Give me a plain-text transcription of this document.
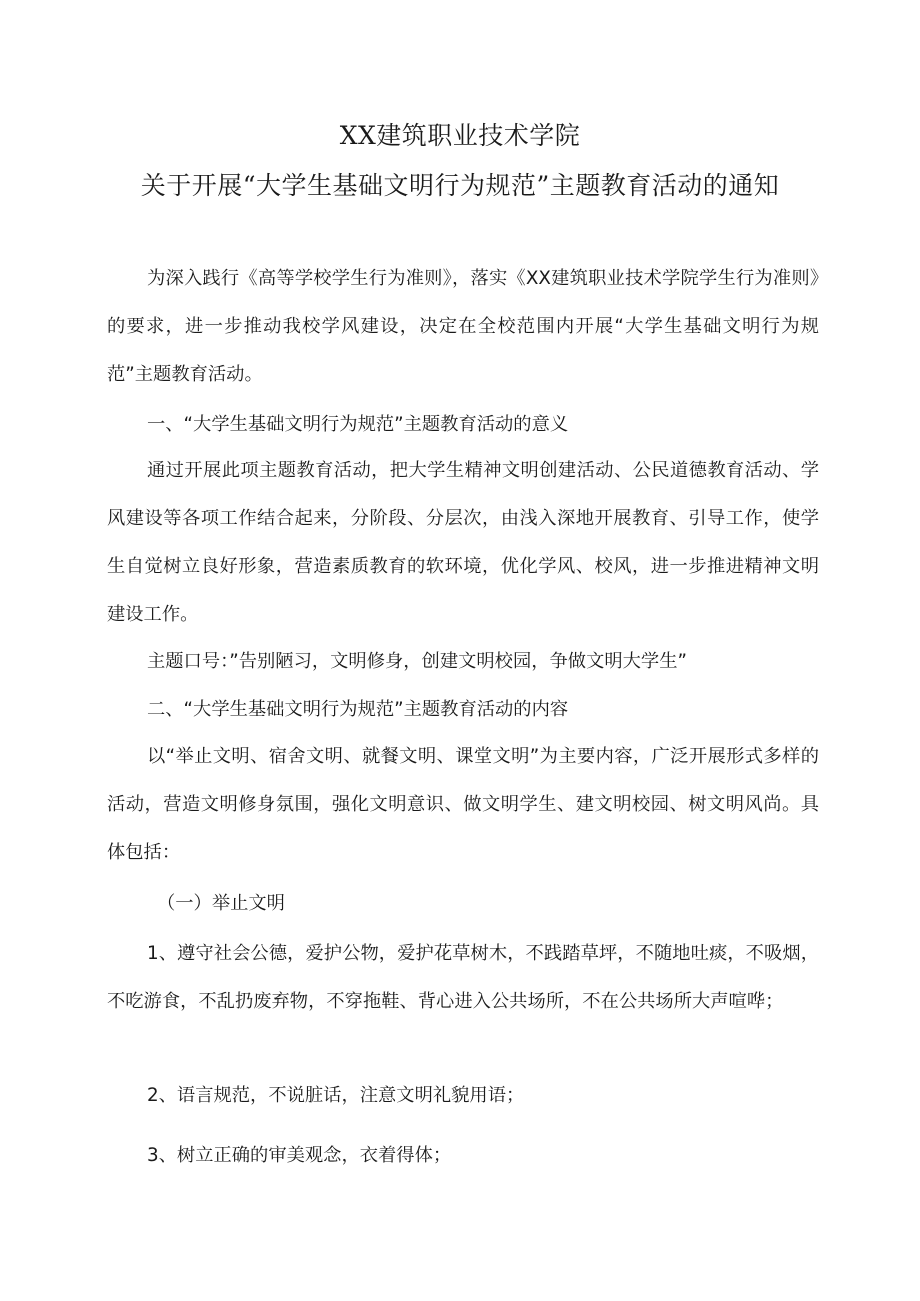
XX建筑职业技术学院
关于开展“大学生基础文明行为规范”主题教育活动的通知
为深入践行《高等学校学生行为准则》，落实《XX建筑职业技术学院学生行为准则》的要求，进一步推动我校学风建设，决定在全校范围内开展“大学生基础文明行为规范”主题教育活动。
一、“大学生基础文明行为规范”主题教育活动的意义
通过开展此项主题教育活动，把大学生精神文明创建活动、公民道德教育活动、学风建设等各项工作结合起来，分阶段、分层次，由浅入深地开展教育、引导工作，使学生自觉树立良好形象，营造素质教育的软环境，优化学风、校风，进一步推进精神文明建设工作。
主题口号：”告别陋习，文明修身，创建文明校园，争做文明大学生”
二、“大学生基础文明行为规范”主题教育活动的内容
以“举止文明、宿舍文明、就餐文明、课堂文明”为主要内容，广泛开展形式多样的活动，营造文明修身氛围，强化文明意识、做文明学生、建文明校园、树文明风尚。具体包括：
（一）举止文明
1、遵守社会公德，爱护公物，爱护花草树木，不践踏草坪，不随地吐痰，不吸烟，不吃游食，不乱扔废弃物，不穿拖鞋、背心进入公共场所，不在公共场所大声喧哗；
2、语言规范，不说脏话，注意文明礼貌用语；
3、树立正确的审美观念，衣着得体；
